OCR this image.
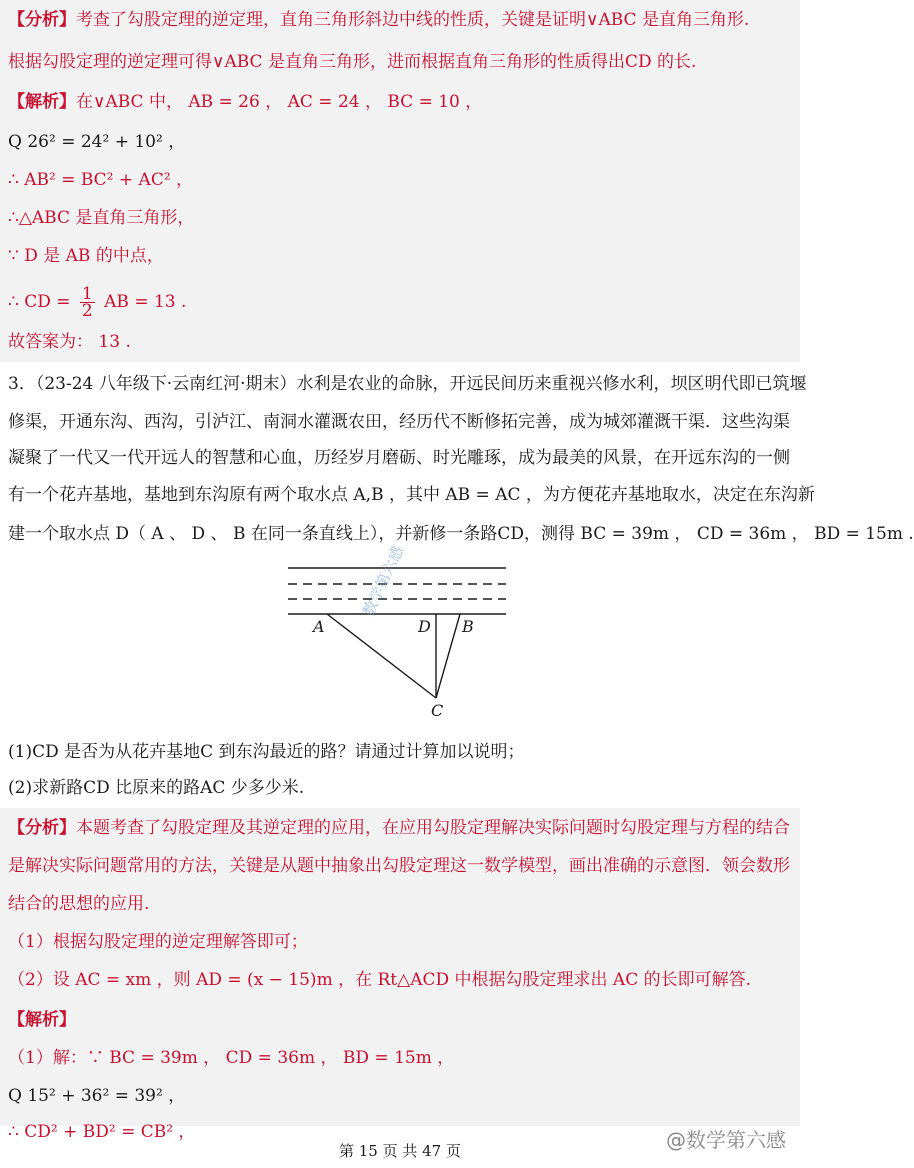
【分析】考查了勾股定理的逆定理，直角三角形斜边中线的性质，关键是证明∨ABC 是直角三角形.
根据勾股定理的逆定理可得∨ABC 是直角三角形，进而根据直角三角形的性质得出CD 的长.
【解析】在∨ABC 中， AB = 26 ， AC = 24 ， BC = 10 ，
Q 26² = 24² + 10² ，
∴ AB² = BC² + AC² ，
∴△ABC 是直角三角形，
∵ D 是 AB 的中点，
∴ CD = $\frac{1}{2}$ AB = 13 .
故答案为： 13 .
3．（23-24 八年级下·云南红河·期末）水利是农业的命脉，开远民间历来重视兴修水利，坝区明代即已筑堰
修渠，开通东沟、西沟，引泸江、南洞水灌溉农田，经历代不断修拓完善，成为城郊灌溉干渠．这些沟渠
凝聚了一代又一代开远人的智慧和心血，历经岁月磨砺、时光雕琢，成为最美的风景，在开远东沟的一侧
有一个花卉基地，基地到东沟原有两个取水点 A,B ，其中 AB = AC ，为方便花卉基地取水，决定在东沟新
建一个取水点 D（ A 、 D 、 B 在同一条直线上），并新修一条路CD，测得 BC = 39m ， CD = 36m ， BD = 15m .
数学第六感
A	D B
C
(1)CD 是否为从花卉基地C 到东沟最近的路？请通过计算加以说明；
(2)求新路CD 比原来的路AC 少多少米.
【分析】本题考查了勾股定理及其逆定理的应用，在应用勾股定理解决实际问题时勾股定理与方程的结合
是解决实际问题常用的方法，关键是从题中抽象出勾股定理这一数学模型，画出准确的示意图．领会数形
结合的思想的应用.
（1）根据勾股定理的逆定理解答即可；
（2）设 AC = xm ，则 AD = (x − 15)m ，在 Rt△ACD 中根据勾股定理求出 AC 的长即可解答.
【解析】
（1）解：∵ BC = 39m ， CD = 36m ， BD = 15m ，
Q 15² + 36² = 39² ，
∴ CD² + BD² = CB² ，
第 15 页 共 47 页	@数学第六感
